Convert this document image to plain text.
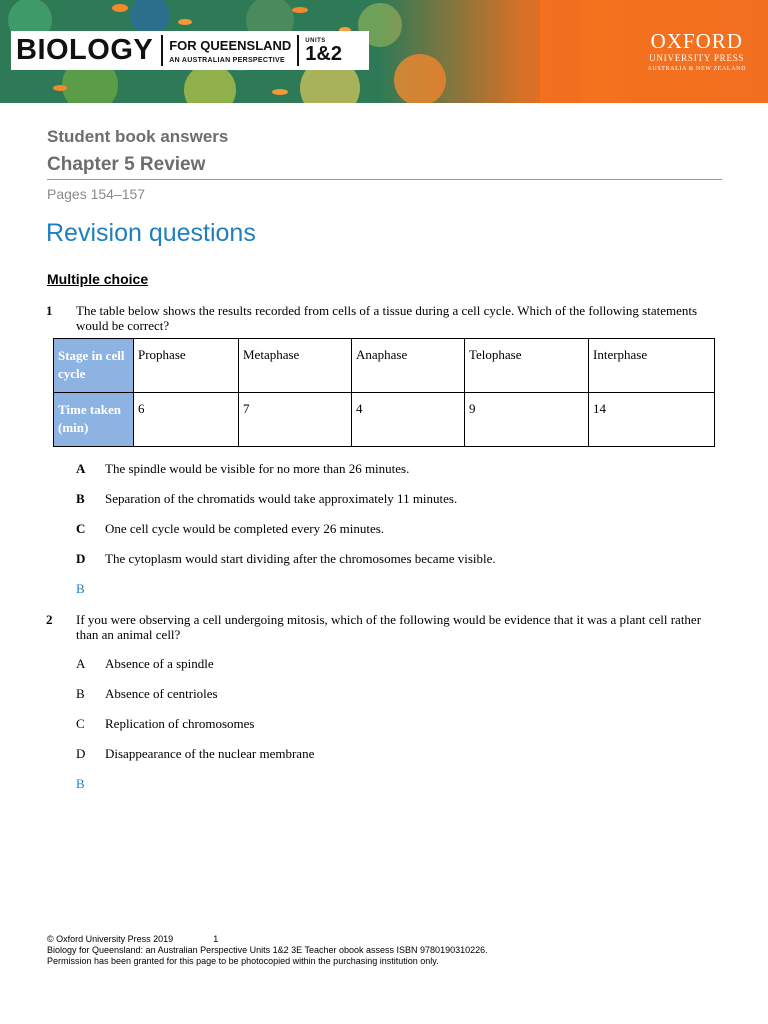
BIOLOGY	FOR QUEENSLAND
AN AUSTRALIAN PERSPECTIVE
UNITS
1&2
OXFORD
UNIVERSITY PRESS
AUSTRALIA & NEW ZEALAND
Student book answers
Chapter 5 Review
Pages 154–157
Revision questions
Multiple choice
1 The table below shows the results recorded from cells of a tissue during a cell cycle. Which of the following statements would be correct?
Stage in cell cycle	Prophase	Metaphase	Anaphase	Telophase	Interphase
Time taken (min)	6	7	4	9	14
A The spindle would be visible for no more than 26 minutes.
B Separation of the chromatids would take approximately 11 minutes.
C One cell cycle would be completed every 26 minutes.
D The cytoplasm would start dividing after the chromosomes became visible.
B
2 If you were observing a cell undergoing mitosis, which of the following would be evidence that it was a plant cell rather than an animal cell?
A Absence of a spindle
B Absence of centrioles
C Replication of chromosomes
D Disappearance of the nuclear membrane
B
© Oxford University Press 2019	1
Biology for Queensland: an Australian Perspective Units 1&2 3E Teacher obook assess ISBN 9780190310226.
Permission has been granted for this page to be photocopied within the purchasing institution only.
